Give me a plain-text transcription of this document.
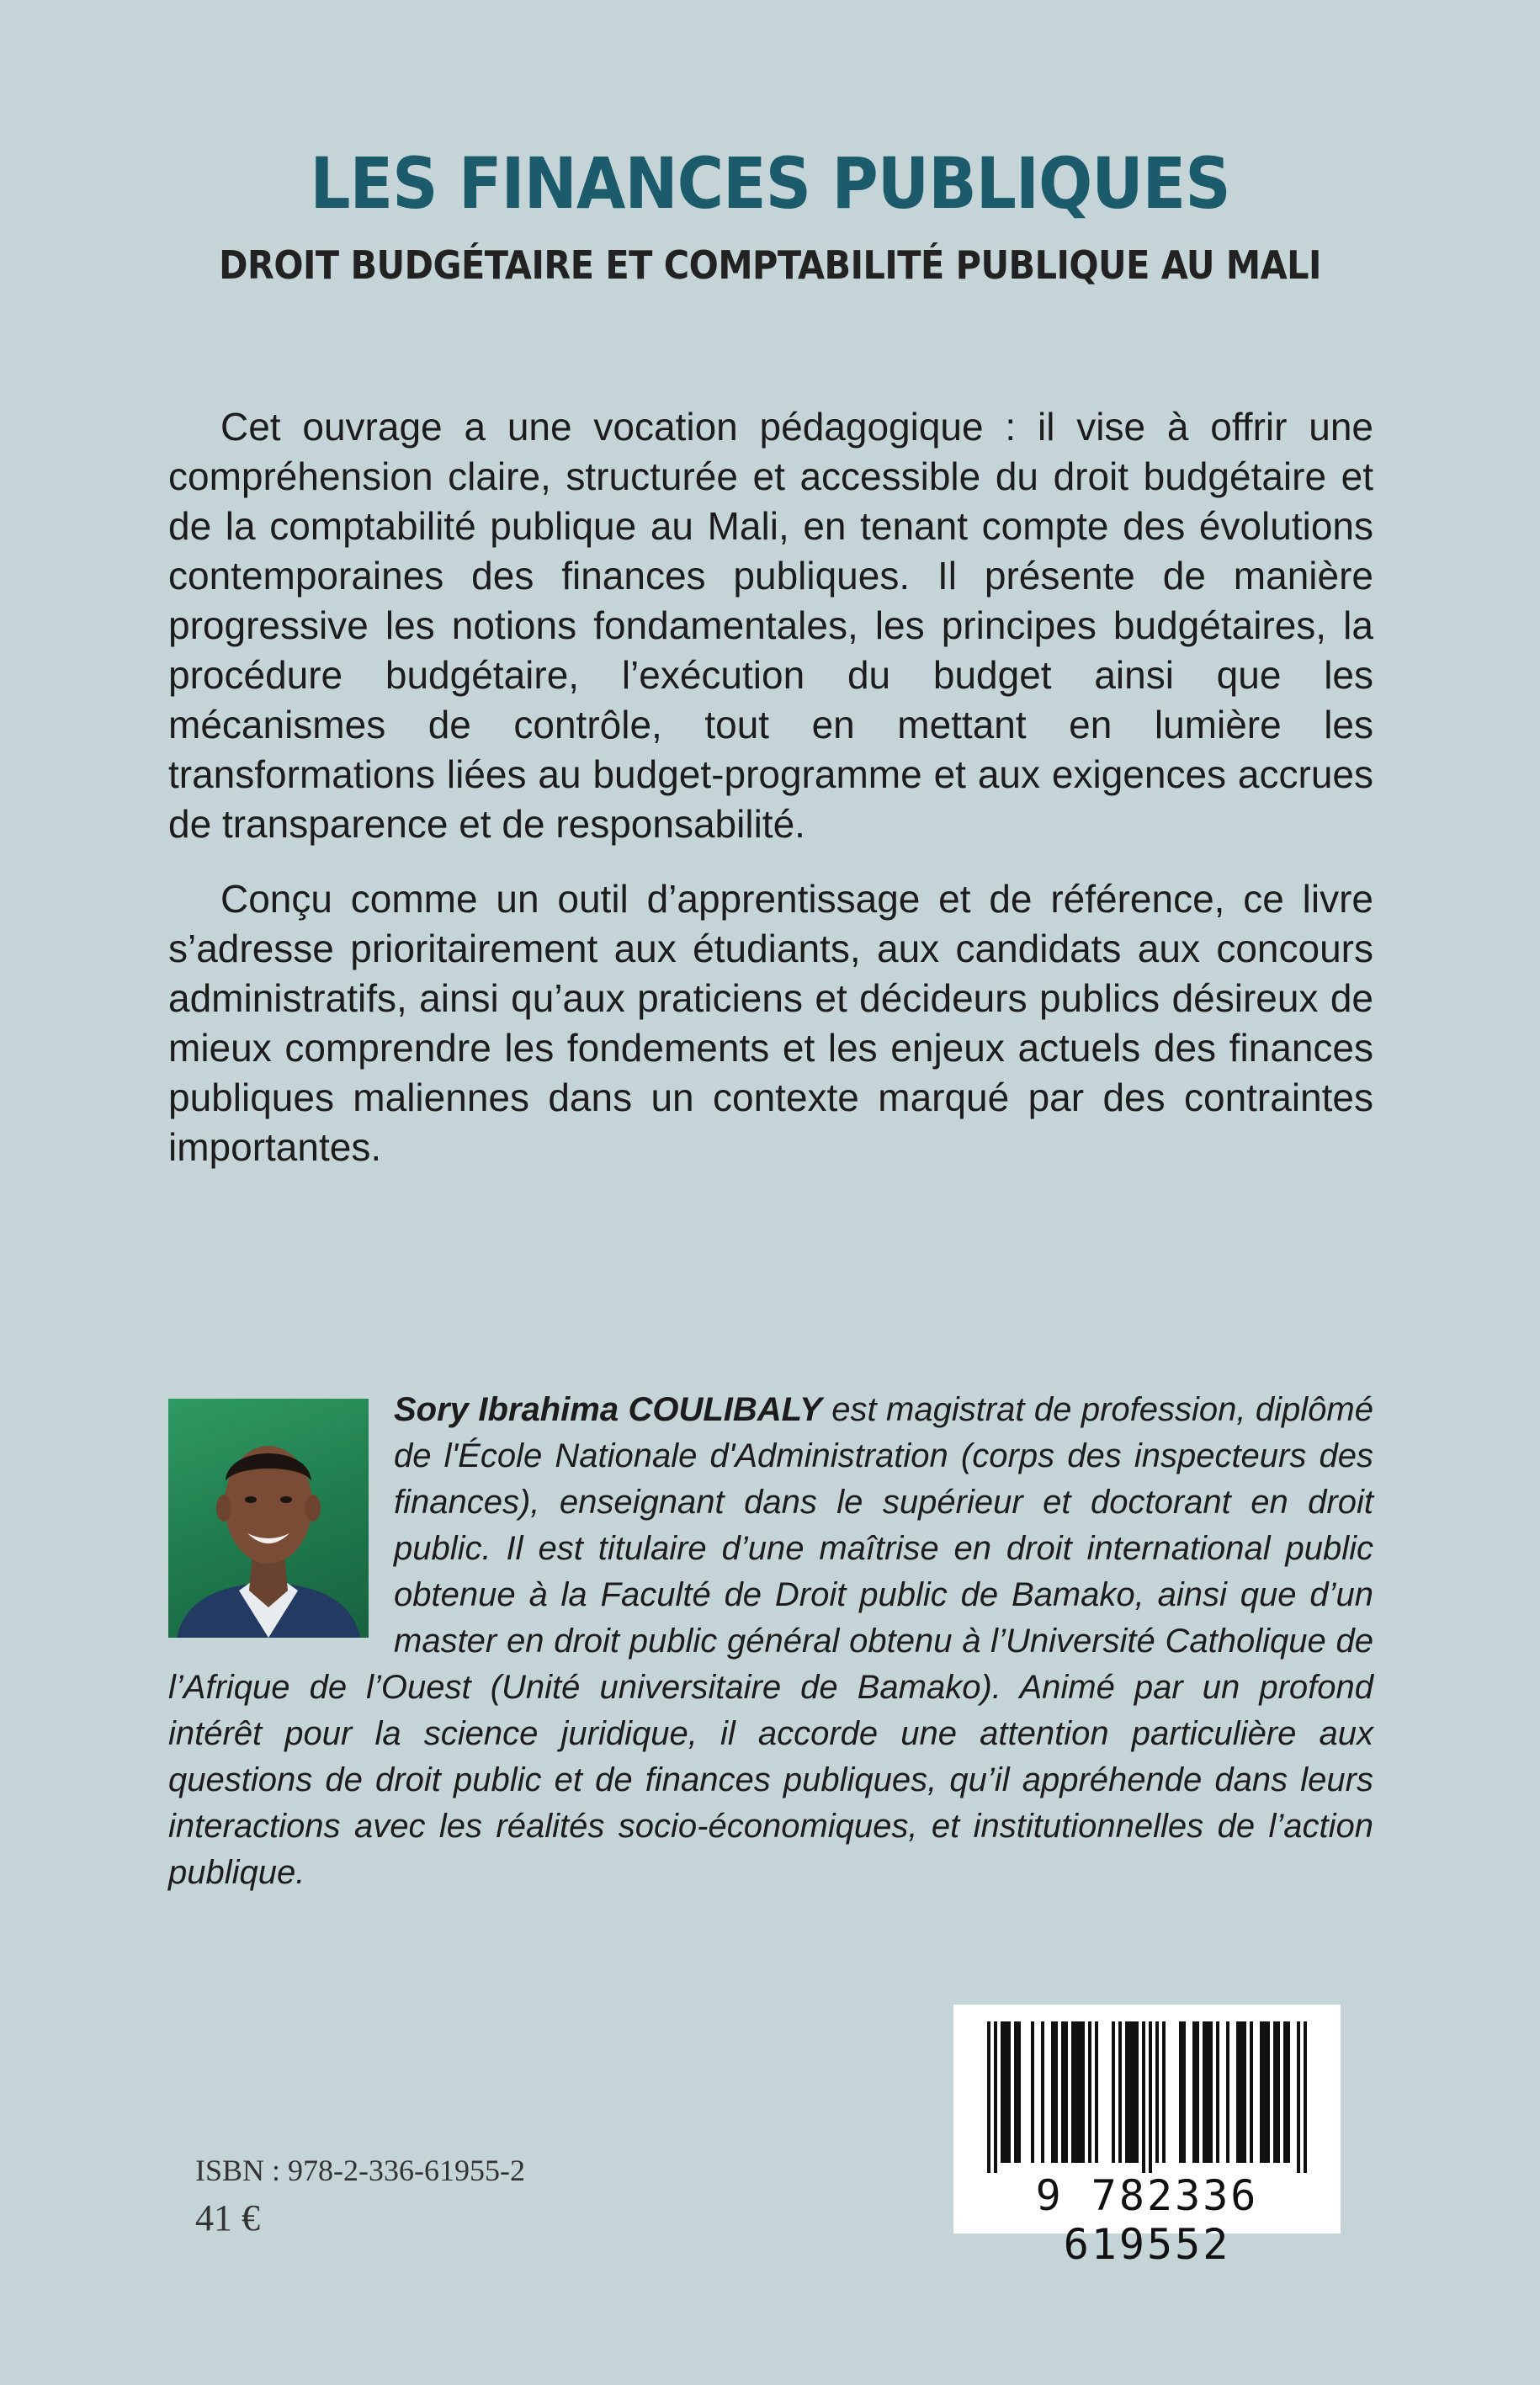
LES FINANCES PUBLIQUES
DROIT BUDGÉTAIRE ET COMPTABILITÉ PUBLIQUE AU MALI

Cet ouvrage a une vocation pédagogique : il vise à offrir une compréhension claire, structurée et accessible du droit budgétaire et de la comptabilité publique au Mali, en tenant compte des évolutions contemporaines des finances publiques. Il présente de manière progressive les notions fondamentales, les principes budgétaires, la procédure budgétaire, l’exécution du budget ainsi que les mécanismes de contrôle, tout en mettant en lumière les transformations liées au budget-programme et aux exigences accrues de transparence et de responsabilité.

Conçu comme un outil d’apprentissage et de référence, ce livre s’adresse prioritairement aux étudiants, aux candidats aux concours administratifs, ainsi qu’aux praticiens et décideurs publics désireux de mieux comprendre les fondements et les enjeux actuels des finances publiques maliennes dans un contexte marqué par des contraintes importantes.

Sory Ibrahima COULIBALY est magistrat de profession, diplômé de l'École Nationale d'Administration (corps des inspecteurs des finances), enseignant dans le supérieur et doctorant en droit public. Il est titulaire d’une maîtrise en droit international public obtenue à la Faculté de Droit public de Bamako, ainsi que d’un master en droit public général obtenu à l’Université Catholique de l’Afrique de l’Ouest (Unité universitaire de Bamako). Animé par un profond intérêt pour la science juridique, il accorde une attention particulière aux questions de droit public et de finances publiques, qu’il appréhende dans leurs interactions avec les réalités socio-économiques, et institutionnelles de l’action publique.

ISBN : 978-2-336-61955-2
41 €	9 782336 619552
